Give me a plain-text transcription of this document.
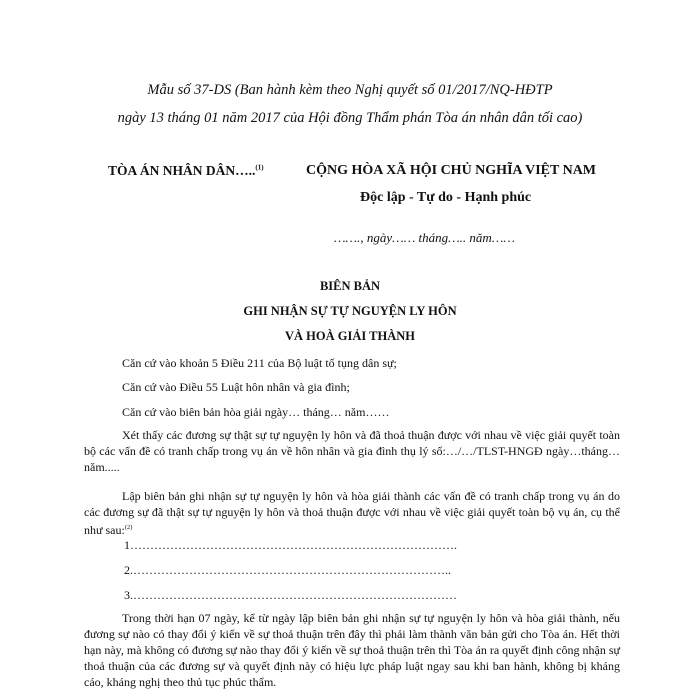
Mẫu số 37-DS (Ban hành kèm theo Nghị quyết số 01/2017/NQ-HĐTP
ngày 13 tháng 01 năm 2017 của Hội đồng Thẩm phán Tòa án nhân dân tối cao)
TÒA ÁN NHÂN DÂN…..$^{(1)}$	CỘNG HÒA XÃ HỘI CHỦ NGHĨA VIỆT NAM
Độc lập - Tự do - Hạnh phúc
……., ngày…… tháng….. năm……
BIÊN BẢN
GHI NHẬN SỰ TỰ NGUYỆN LY HÔN
VÀ HOÀ GIẢI THÀNH
Căn cứ vào khoản 5 Điều 211 của Bộ luật tố tụng dân sự;
Căn cứ vào Điều 55 Luật hôn nhân và gia đình;
Căn cứ vào biên bản hòa giải ngày… tháng… năm……
Xét thấy các đương sự thật sự tự nguyện ly hôn và đã thoả thuận được với nhau về việc giải quyết toàn bộ các vấn đề có tranh chấp trong vụ án về hôn nhân và gia đình thụ lý số:…/…/TLST-HNGĐ ngày…tháng… năm.....
Lập biên bản ghi nhận sự tự nguyện ly hôn và hòa giải thành các vấn đề có tranh chấp trong vụ án do các đương sự đã thật sự tự nguyện ly hôn và thoả thuận được với nhau về việc giải quyết toàn bộ vụ án, cụ thể như sau:$^{(2)}$
1……………………………………………………………………….
2.……………………………………………………………………..
3.………………………………………………………………………
Trong thời hạn 07 ngày, kể từ ngày lập biên bản ghi nhận sự tự nguyện ly hôn và hòa giải thành, nếu đương sự nào có thay đổi ý kiến về sự thoả thuận trên đây thì phải làm thành văn bản gửi cho Tòa án. Hết thời hạn này, mà không có đương sự nào thay đổi ý kiến về sự thoả thuận trên thì Tòa án ra quyết định công nhận sự thoả thuận của các đương sự và quyết định này có hiệu lực pháp luật ngay sau khi ban hành, không bị kháng cáo, kháng nghị theo thủ tục phúc thẩm.
